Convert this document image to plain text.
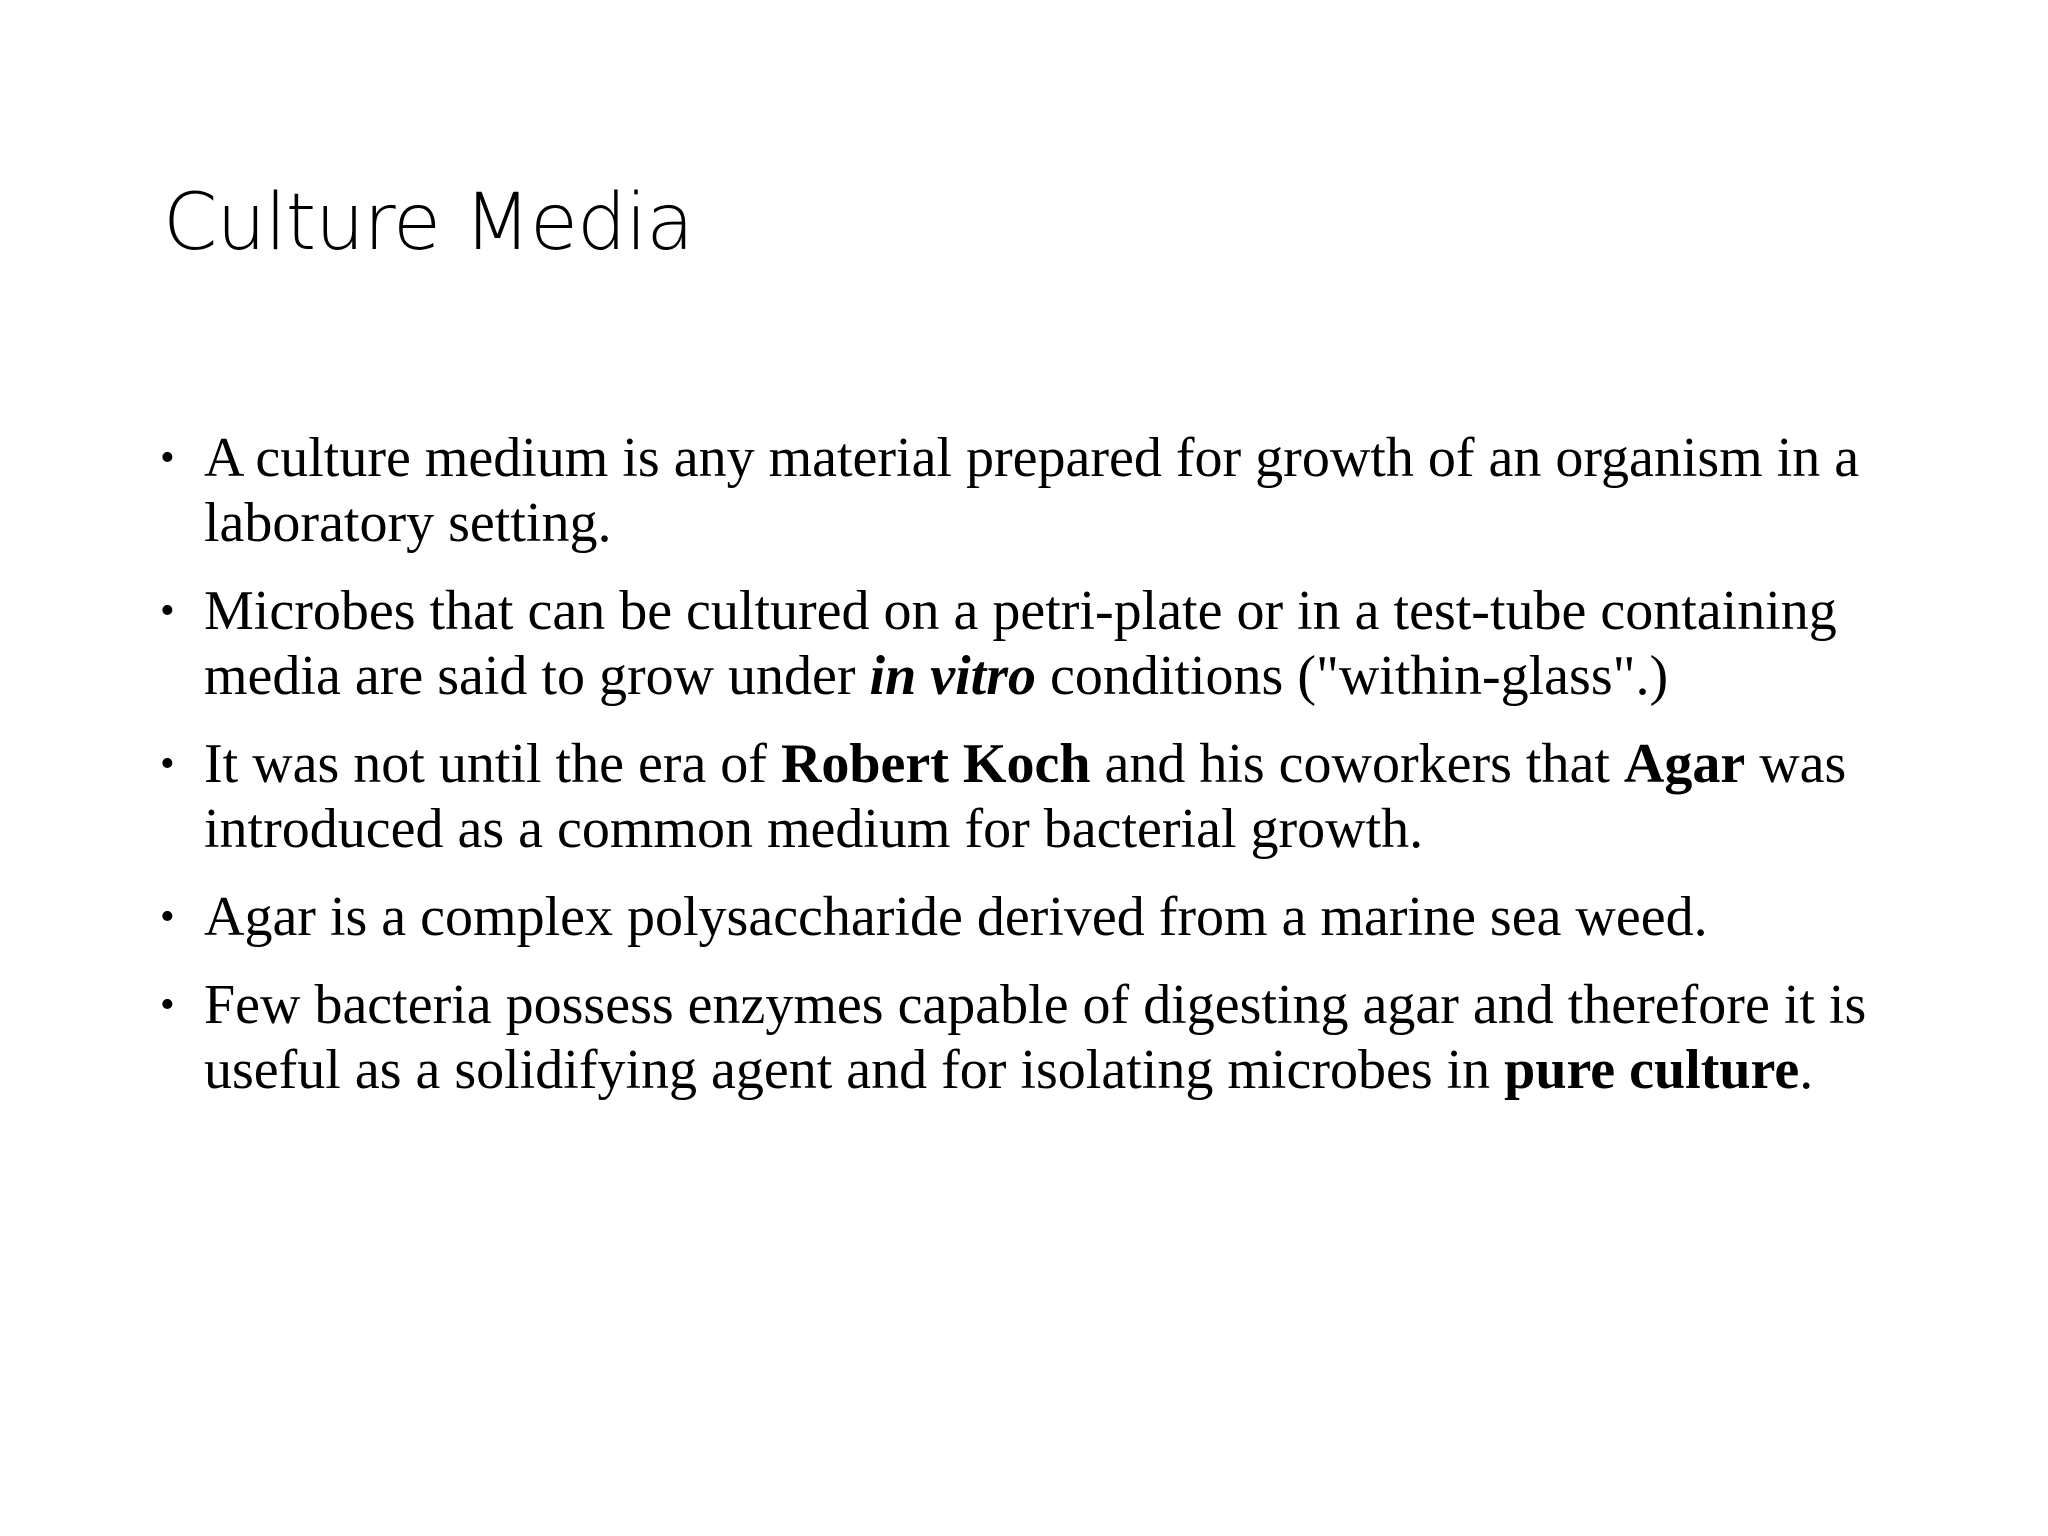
Culture Media
• A culture medium is any material prepared for growth of an organism in a laboratory setting.
• Microbes that can be cultured on a petri-plate or in a test-tube containing media are said to grow under in vitro conditions ("within-glass".)
• It was not until the era of Robert Koch and his coworkers that Agar was introduced as a common medium for bacterial growth.
• Agar is a complex polysaccharide derived from a marine sea weed.
• Few bacteria possess enzymes capable of digesting agar and therefore it is useful as a solidifying agent and for isolating microbes in pure culture.
